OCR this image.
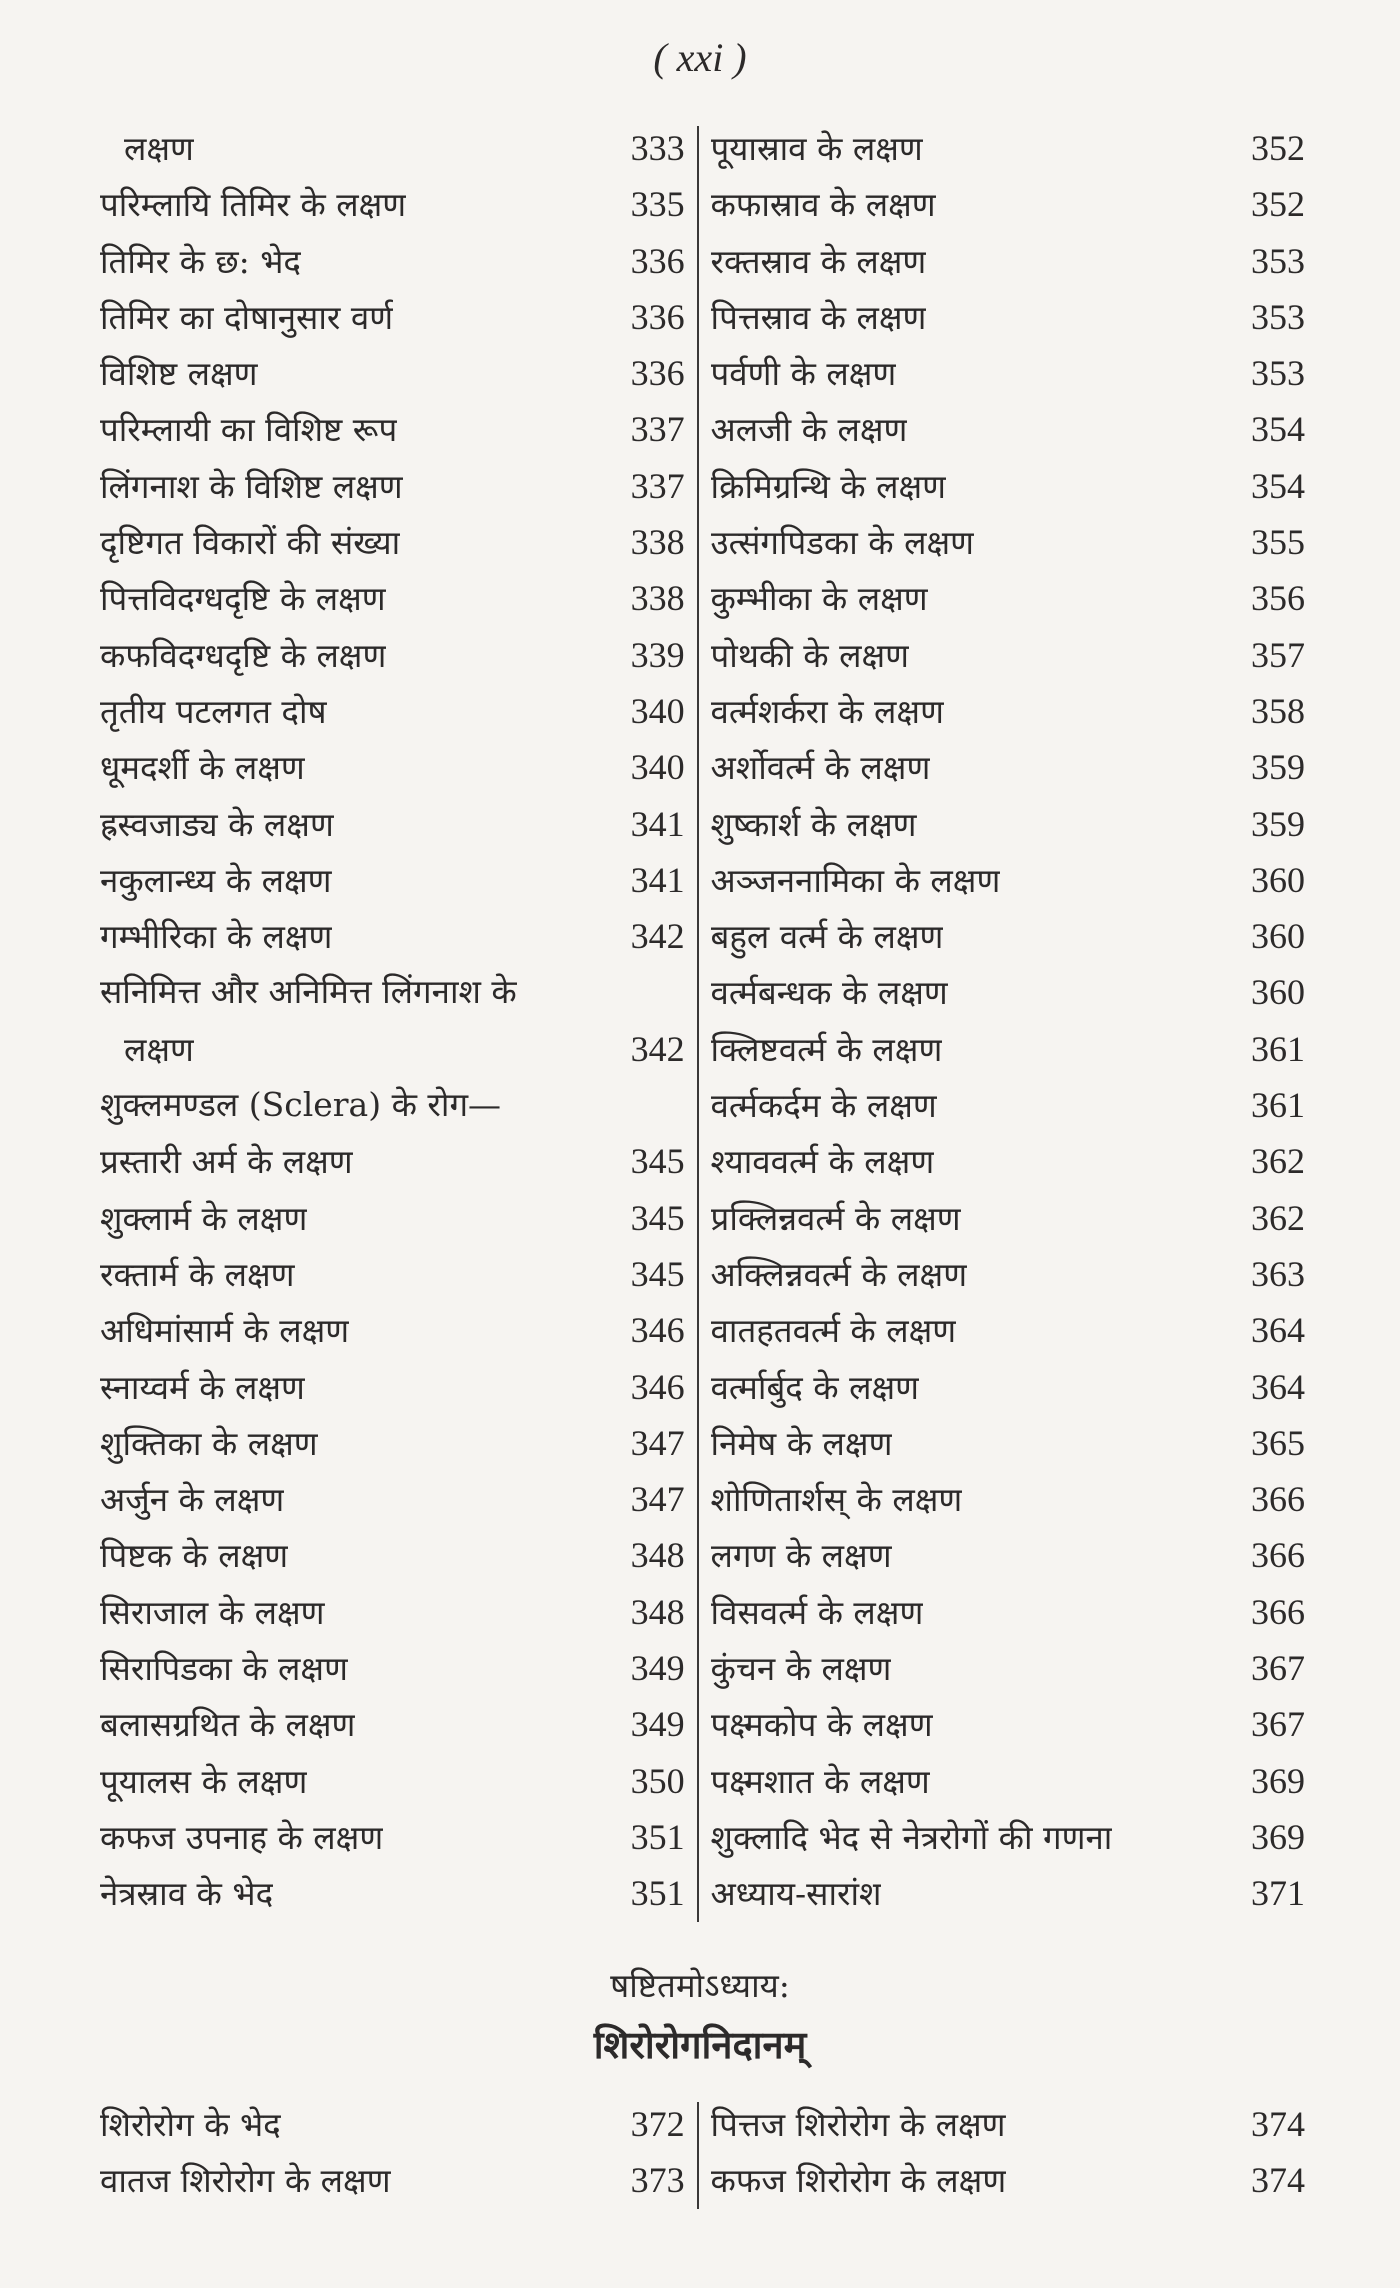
( xxi )
लक्षण	333
परिम्लायि तिमिर के लक्षण	335
तिमिर के छ: भेद	336
तिमिर का दोषानुसार वर्ण	336
विशिष्ट लक्षण	336
परिम्लायी का विशिष्ट रूप	337
लिंगनाश के विशिष्ट लक्षण	337
दृष्टिगत विकारों की संख्या	338
पित्तविदग्धदृष्टि के लक्षण	338
कफविदग्धदृष्टि के लक्षण	339
तृतीय पटलगत दोष	340
धूमदर्शी के लक्षण	340
ह्रस्वजाड्य के लक्षण	341
नकुलान्ध्य के लक्षण	341
गम्भीरिका के लक्षण	342
सनिमित्त और अनिमित्त लिंगनाश के
लक्षण	342
शुक्लमण्डल (Sclera) के रोग—
प्रस्तारी अर्म के लक्षण	345
शुक्लार्म के लक्षण	345
रक्तार्म के लक्षण	345
अधिमांसार्म के लक्षण	346
स्नाय्वर्म के लक्षण	346
शुक्तिका के लक्षण	347
अर्जुन के लक्षण	347
पिष्टक के लक्षण	348
सिराजाल के लक्षण	348
सिरापिडका के लक्षण	349
बलासग्रथित के लक्षण	349
पूयालस के लक्षण	350
कफज उपनाह के लक्षण	351
नेत्रस्राव के भेद	351
पूयास्राव के लक्षण	352
कफास्राव के लक्षण	352
रक्तस्राव के लक्षण	353
पित्तस्राव के लक्षण	353
पर्वणी के लक्षण	353
अलजी के लक्षण	354
क्रिमिग्रन्थि के लक्षण	354
उत्संगपिडका के लक्षण	355
कुम्भीका के लक्षण	356
पोथकी के लक्षण	357
वर्त्मशर्करा के लक्षण	358
अर्शोवर्त्म के लक्षण	359
शुष्कार्श के लक्षण	359
अञ्जननामिका के लक्षण	360
बहुल वर्त्म के लक्षण	360
वर्त्मबन्धक के लक्षण	360
क्लिष्टवर्त्म के लक्षण	361
वर्त्मकर्दम के लक्षण	361
श्याववर्त्म के लक्षण	362
प्रक्लिन्नवर्त्म के लक्षण	362
अक्लिन्नवर्त्म के लक्षण	363
वातहतवर्त्म के लक्षण	364
वर्त्मार्बुद के लक्षण	364
निमेष के लक्षण	365
शोणितार्शस् के लक्षण	366
लगण के लक्षण	366
विसवर्त्म के लक्षण	366
कुंचन के लक्षण	367
पक्ष्मकोप के लक्षण	367
पक्ष्मशात के लक्षण	369
शुक्लादि भेद से नेत्ररोगों की गणना	369
अध्याय-सारांश	371
षष्टितमोऽध्याय:
शिरोरोगनिदानम्
शिरोरोग के भेद	372
वातज शिरोरोग के लक्षण	373
पित्तज शिरोरोग के लक्षण	374
कफज शिरोरोग के लक्षण	374
